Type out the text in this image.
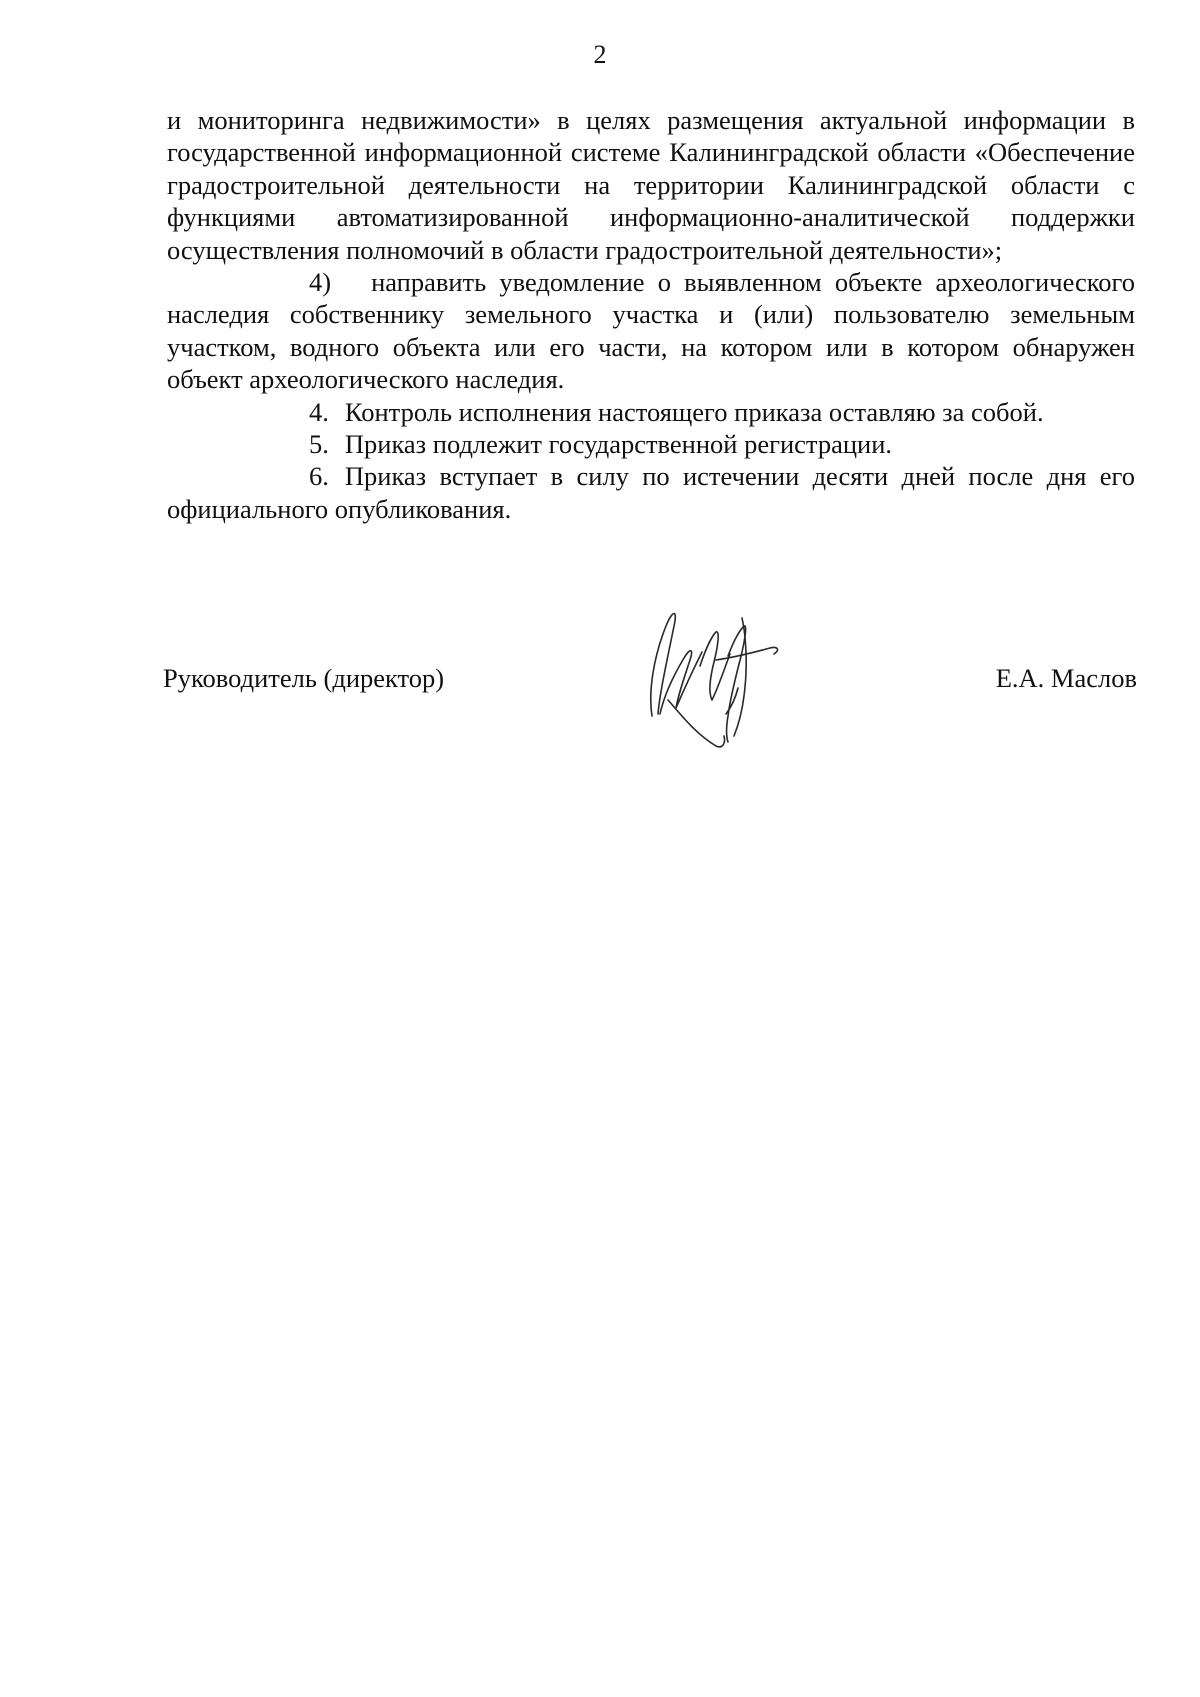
2

и мониторинга недвижимости» в целях размещения актуальной информации в государственной информационной системе Калининградской области «Обеспечение градостроительной деятельности на территории Калининградской области с функциями автоматизированной информационно-аналитической поддержки осуществления полномочий в области градостроительной деятельности»;

4) направить уведомление о выявленном объекте археологического наследия собственнику земельного участка и (или) пользователю земельным участком, водного объекта или его части, на котором или в котором обнаружен объект археологического наследия.

4. Контроль исполнения настоящего приказа оставляю за собой.

5. Приказ подлежит государственной регистрации.

6. Приказ вступает в силу по истечении десяти дней после дня его официального опубликования.

Руководитель (директор)	Е.А. Маслов
